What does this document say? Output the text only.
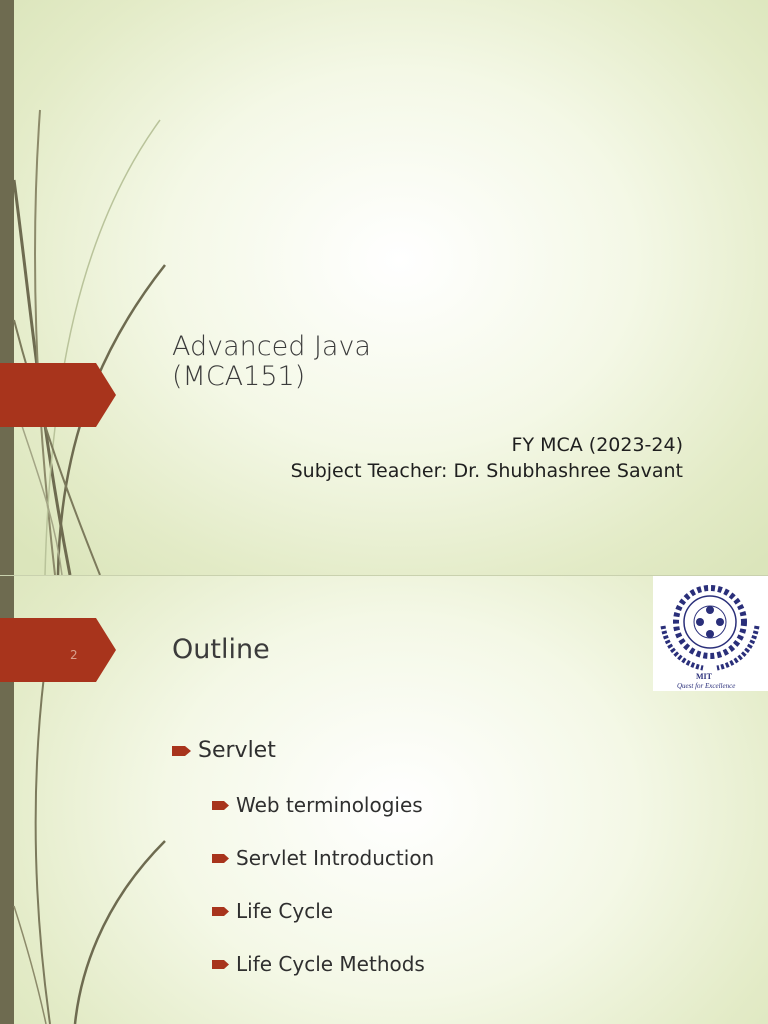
Advanced Java
(MCA151)
FY MCA (2023-24)
Subject Teacher: Dr. Shubhashree Savant
2	Outline
MIT
Quest for Excellence
Servlet
Web terminologies
Servlet Introduction
Life Cycle
Life Cycle Methods
